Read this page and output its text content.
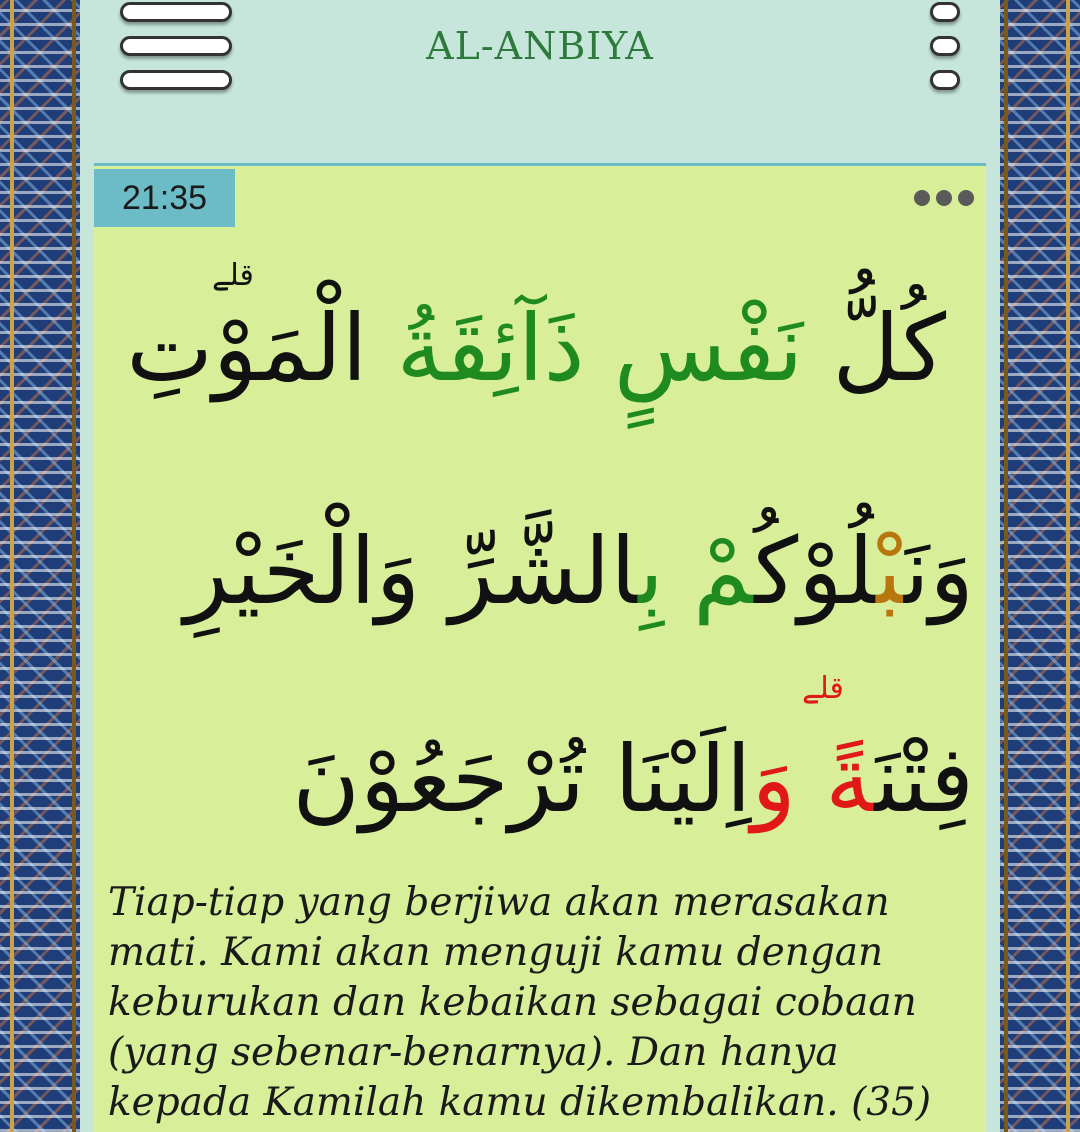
AL-ANBIYA
21:35
قلے
كُلُّ نَفْسٍ ذَآئِقَةُ الْمَوْتِ
وَنَبْلُوْكُمْ بِالشَّرِّ وَالْخَيْرِ
قلے
فِتْنَةً وَاِلَيْنَا تُرْجَعُوْنَ
Tiap-tiap yang berjiwa akan merasakan mati. Kami akan menguji kamu dengan keburukan dan kebaikan sebagai cobaan (yang sebenar-benarnya). Dan hanya kepada Kamilah kamu dikembalikan. (35)
